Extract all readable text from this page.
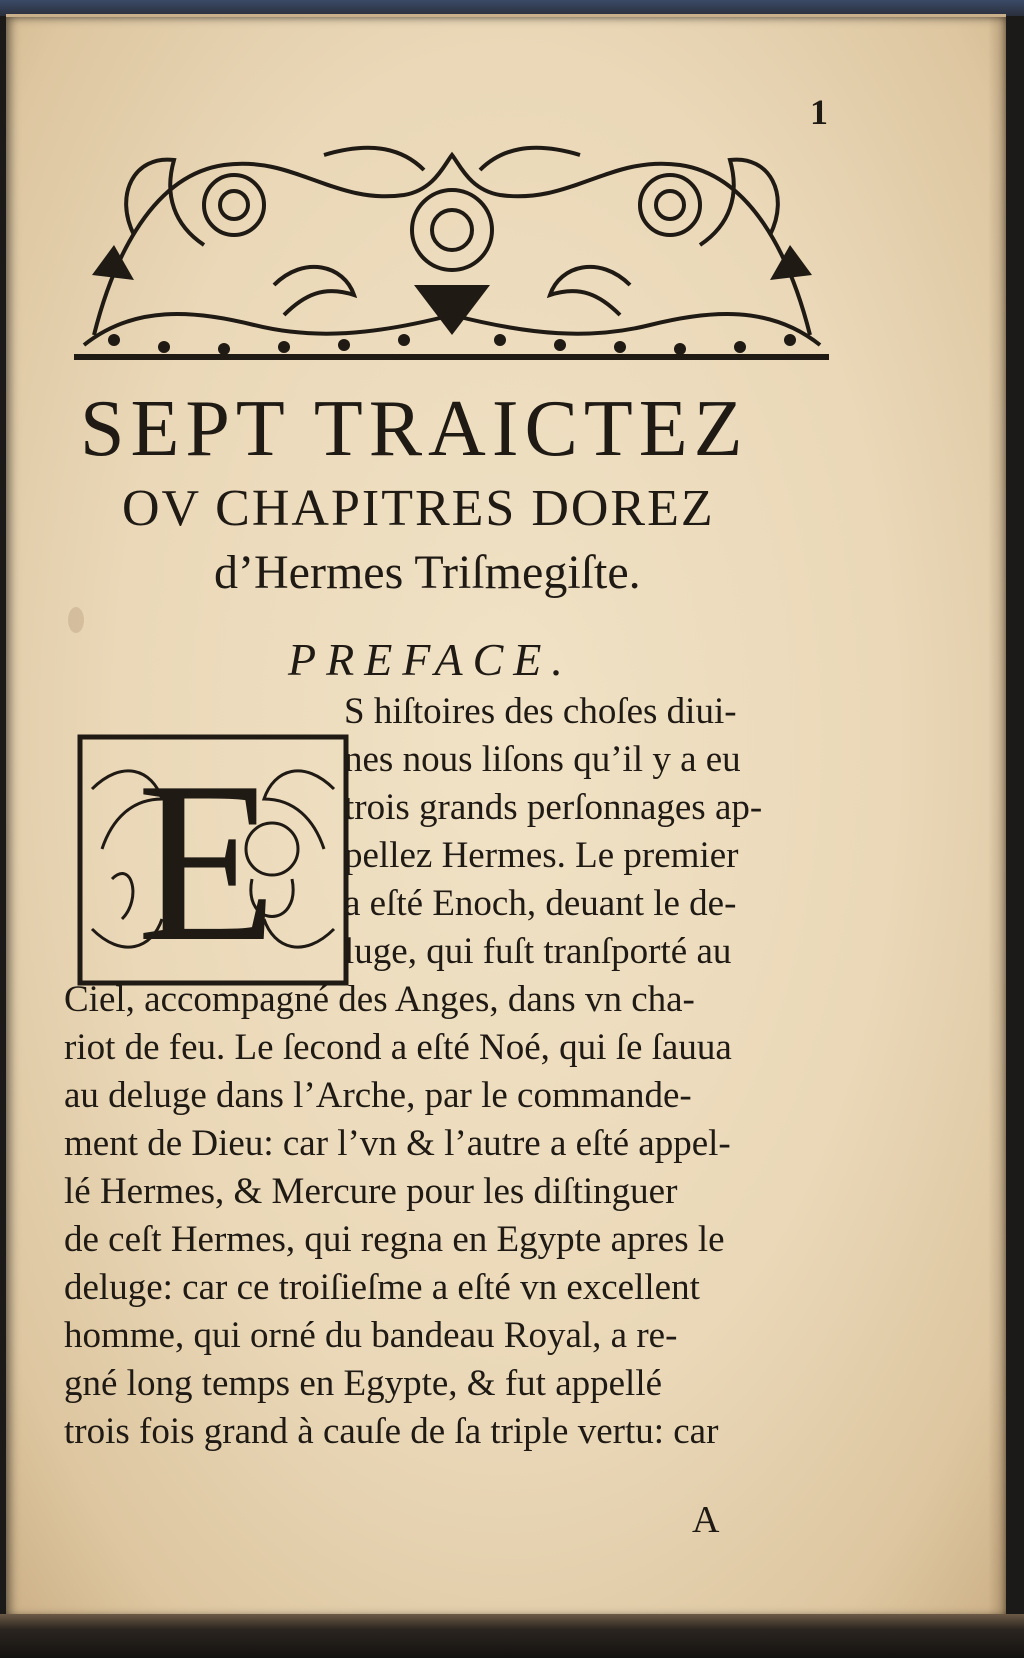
1
SEPT TRAICTEZ
OV CHAPITRES DOREZ
d’Hermes Triſmegiſte.
PREFACE.
E
S hiſtoires des choſes diui-
nes nous liſons qu’il y a eu
trois grands perſonnages ap-
pellez Hermes. Le premier
a eſté Enoch, deuant le de-
luge, qui fuſt tranſporté au
Ciel, accompagné des Anges, dans vn cha-
riot de feu. Le ſecond a eſté Noé, qui ſe ſauua
au deluge dans l’Arche, par le commande-
ment de Dieu: car l’vn & l’autre a eſté appel-
lé Hermes, & Mercure pour les diſtinguer
de ceſt Hermes, qui regna en Egypte apres le
deluge: car ce troiſieſme a eſté vn excellent
homme, qui orné du bandeau Royal, a re-
gné long temps en Egypte, & fut appellé
trois fois grand à cauſe de ſa triple vertu: car
A
